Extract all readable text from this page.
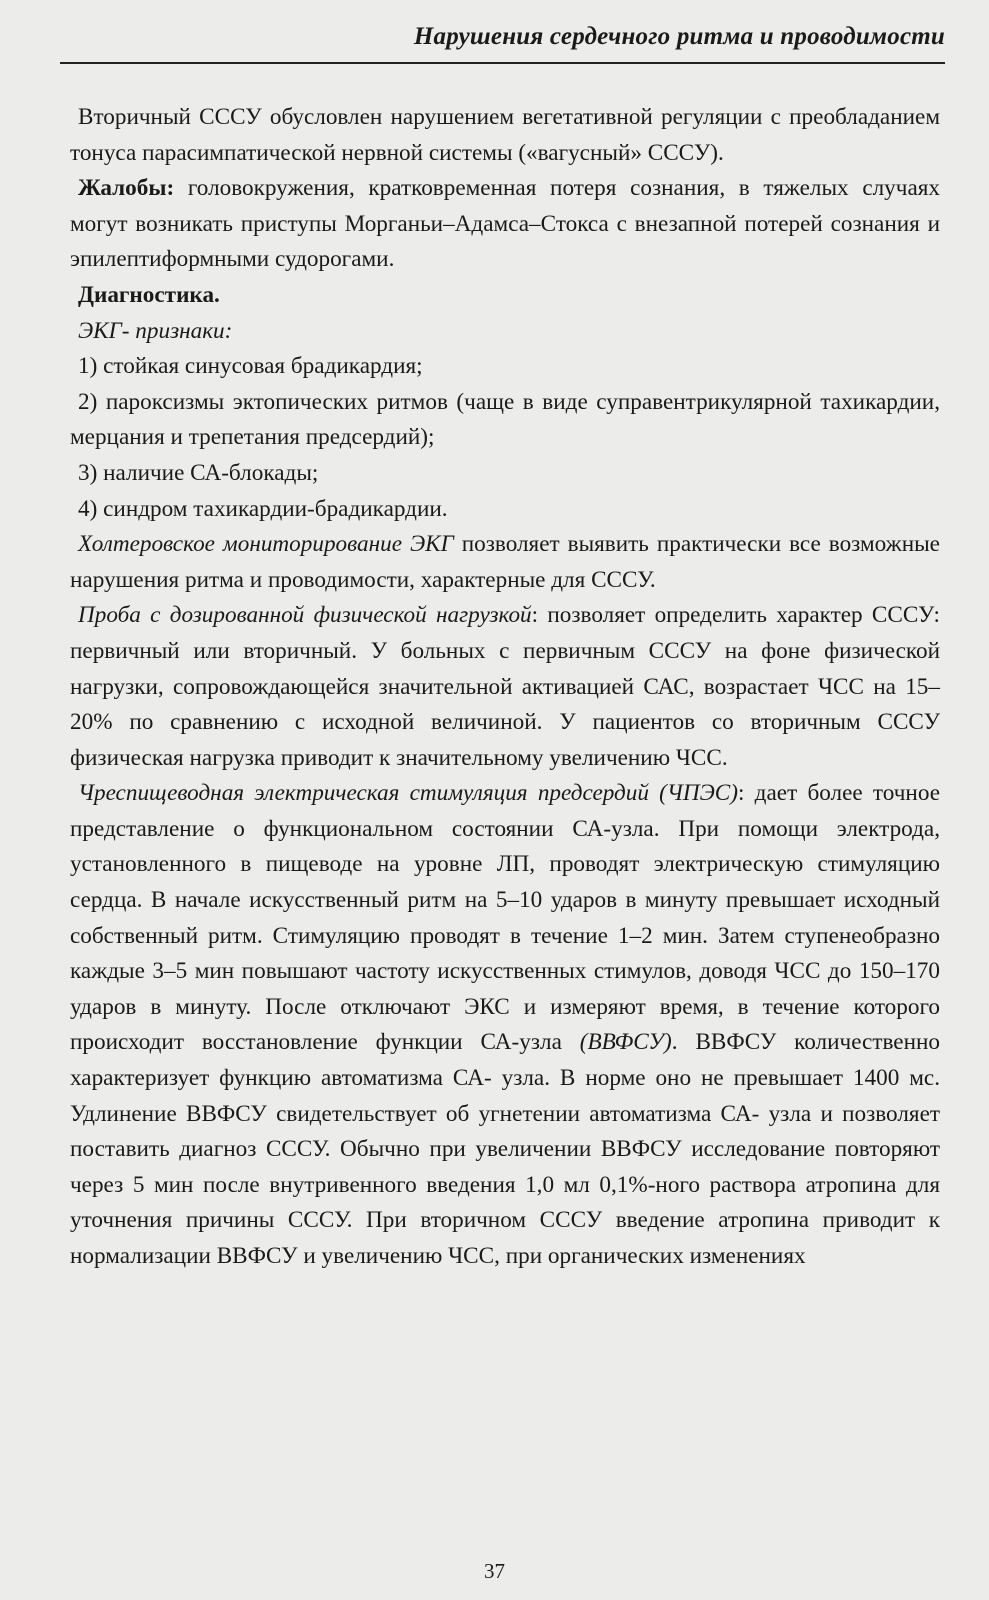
Нарушения сердечного ритма и проводимости

Вторичный СССУ обусловлен нарушением вегетативной регуляции с преобладанием тонуса парасимпатической нервной системы («вагусный» СССУ).

Жалобы: головокружения, кратковременная потеря сознания, в тяжелых случаях могут возникать приступы Морганьи–Адамса–Стокса с внезапной потерей сознания и эпилептиформными судорогами.

Диагностика.

ЭКГ- признаки:

1) стойкая синусовая брадикардия;

2) пароксизмы эктопических ритмов (чаще в виде суправентрикулярной тахикардии, мерцания и трепетания предсердий);

3) наличие СА-блокады;

4) синдром тахикардии-брадикардии.

Холтеровское мониторирование ЭКГ позволяет выявить практически все возможные нарушения ритма и проводимости, характерные для СССУ.

Проба с дозированной физической нагрузкой: позволяет определить характер СССУ: первичный или вторичный. У больных с первичным СССУ на фоне физической нагрузки, сопровождающейся значительной активацией САС, возрастает ЧСС на 15– 20% по сравнению с исходной величиной. У пациентов со вторичным СССУ физическая нагрузка приводит к значительному увеличению ЧСС.

Чреспищеводная электрическая стимуляция предсердий (ЧПЭС): дает более точное представление о функциональном состоянии СА-узла. При помощи электрода, установленного в пищеводе на уровне ЛП, проводят электрическую стимуляцию сердца. В начале искусственный ритм на 5–10 ударов в минуту превышает исходный собственный ритм. Стимуляцию проводят в течение 1–2 мин. Затем ступенеобразно каждые 3–5 мин повышают частоту искусственных стимулов, доводя ЧСС до 150–170 ударов в минуту. После отключают ЭКС и измеряют время, в течение которого происходит восстановление функции СА-узла (ВВФСУ). ВВФСУ количественно характеризует функцию автоматизма СА- узла. В норме оно не превышает 1400 мс. Удлинение ВВФСУ свидетельствует об угнетении автоматизма СА- узла и позволяет поставить диагноз СССУ. Обычно при увеличении ВВФСУ исследование повторяют через 5 мин после внутривенного введения 1,0 мл 0,1%-ного раствора атропина для уточнения причины СССУ. При вторичном СССУ введение атропина приводит к нормализации ВВФСУ и увеличению ЧСС, при органических изменениях

37
